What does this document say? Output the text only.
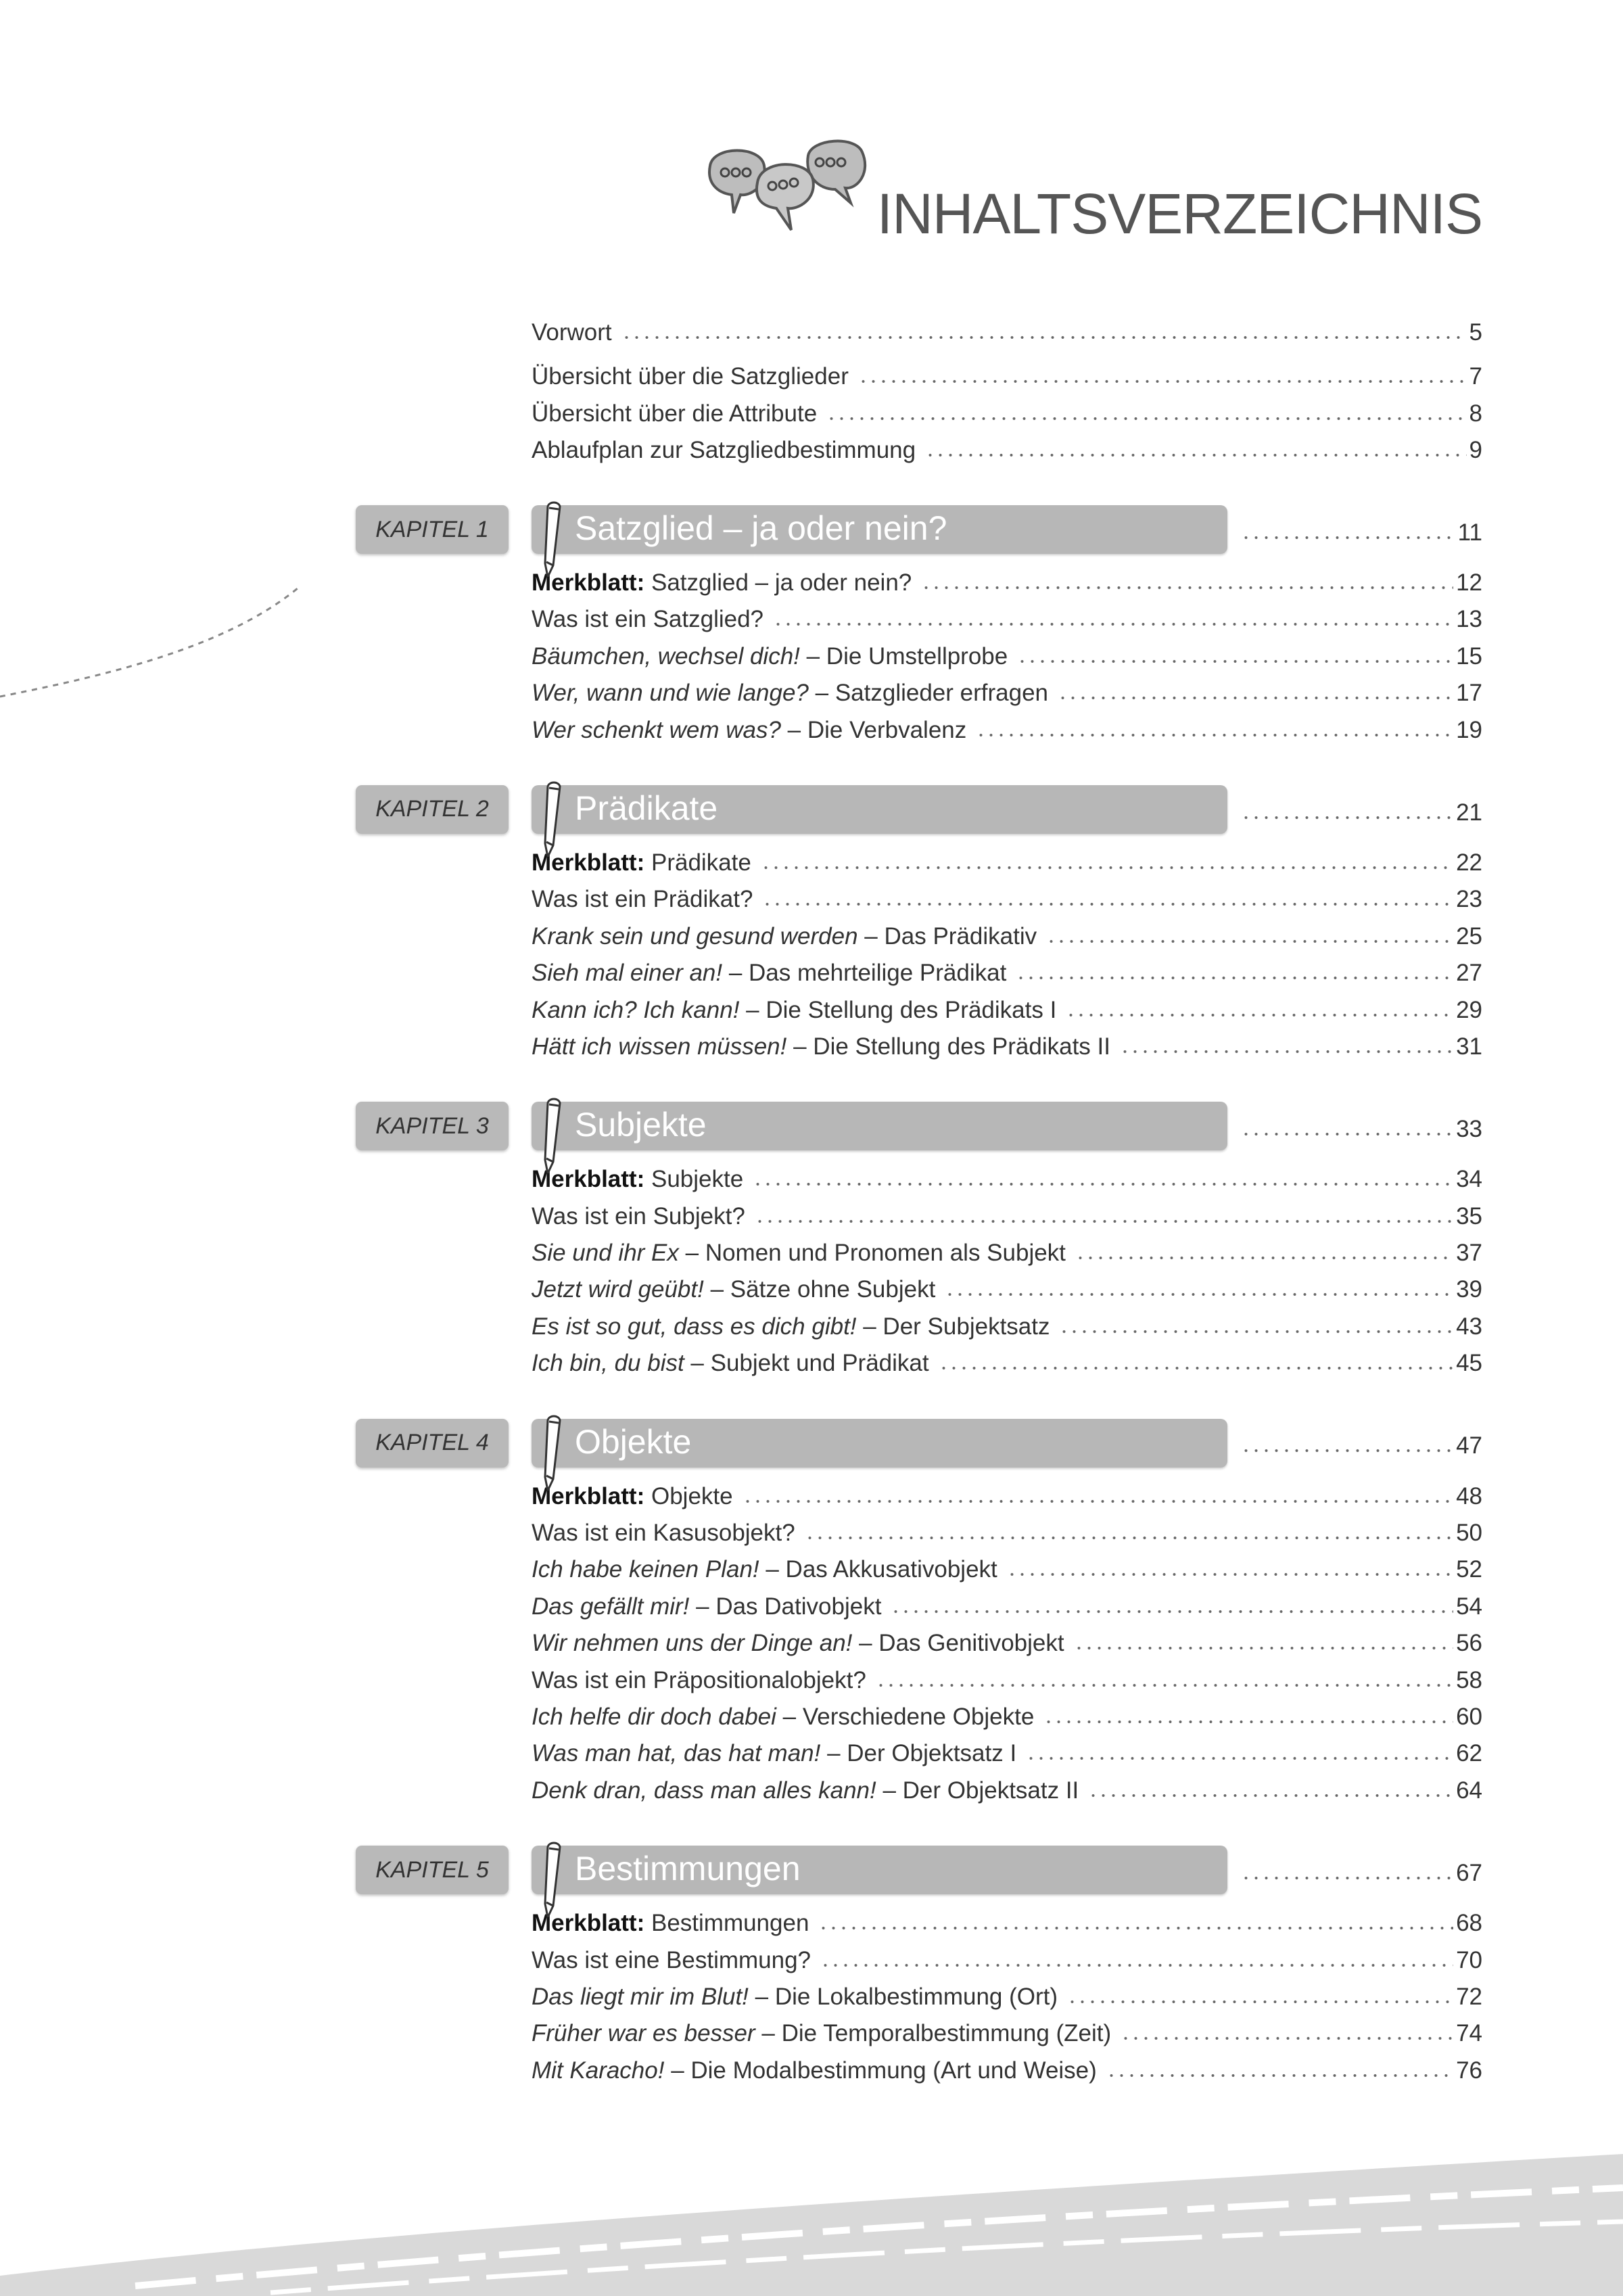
INHALTSVERZEICHNIS
Vorwort	5
Übersicht über die Satzglieder	7
Übersicht über die Attribute	8
Ablaufplan zur Satzgliedbestimmung	9
KAPITEL 1	Satzglied – ja oder nein?	11
Merkblatt: Satzglied – ja oder nein?	12
Was ist ein Satzglied?	13
Bäumchen, wechsel dich! – Die Umstellprobe	15
Wer, wann und wie lange? – Satzglieder erfragen	17
Wer schenkt wem was? – Die Verbvalenz	19
KAPITEL 2	Prädikate	21
Merkblatt: Prädikate	22
Was ist ein Prädikat?	23
Krank sein und gesund werden – Das Prädikativ	25
Sieh mal einer an! – Das mehrteilige Prädikat	27
Kann ich? Ich kann! – Die Stellung des Prädikats I	29
Hätt ich wissen müssen! – Die Stellung des Prädikats II	31
KAPITEL 3	Subjekte	33
Merkblatt: Subjekte	34
Was ist ein Subjekt?	35
Sie und ihr Ex – Nomen und Pronomen als Subjekt	37
Jetzt wird geübt! – Sätze ohne Subjekt	39
Es ist so gut, dass es dich gibt! – Der Subjektsatz	43
Ich bin, du bist – Subjekt und Prädikat	45
KAPITEL 4	Objekte	47
Merkblatt: Objekte	48
Was ist ein Kasusobjekt?	50
Ich habe keinen Plan! – Das Akkusativobjekt	52
Das gefällt mir! – Das Dativobjekt	54
Wir nehmen uns der Dinge an! – Das Genitivobjekt	56
Was ist ein Präpositionalobjekt?	58
Ich helfe dir doch dabei – Verschiedene Objekte	60
Was man hat, das hat man! – Der Objektsatz I	62
Denk dran, dass man alles kann! – Der Objektsatz II	64
KAPITEL 5	Bestimmungen	67
Merkblatt: Bestimmungen	68
Was ist eine Bestimmung?	70
Das liegt mir im Blut! – Die Lokalbestimmung (Ort)	72
Früher war es besser – Die Temporalbestimmung (Zeit)	74
Mit Karacho! – Die Modalbestimmung (Art und Weise)	76
